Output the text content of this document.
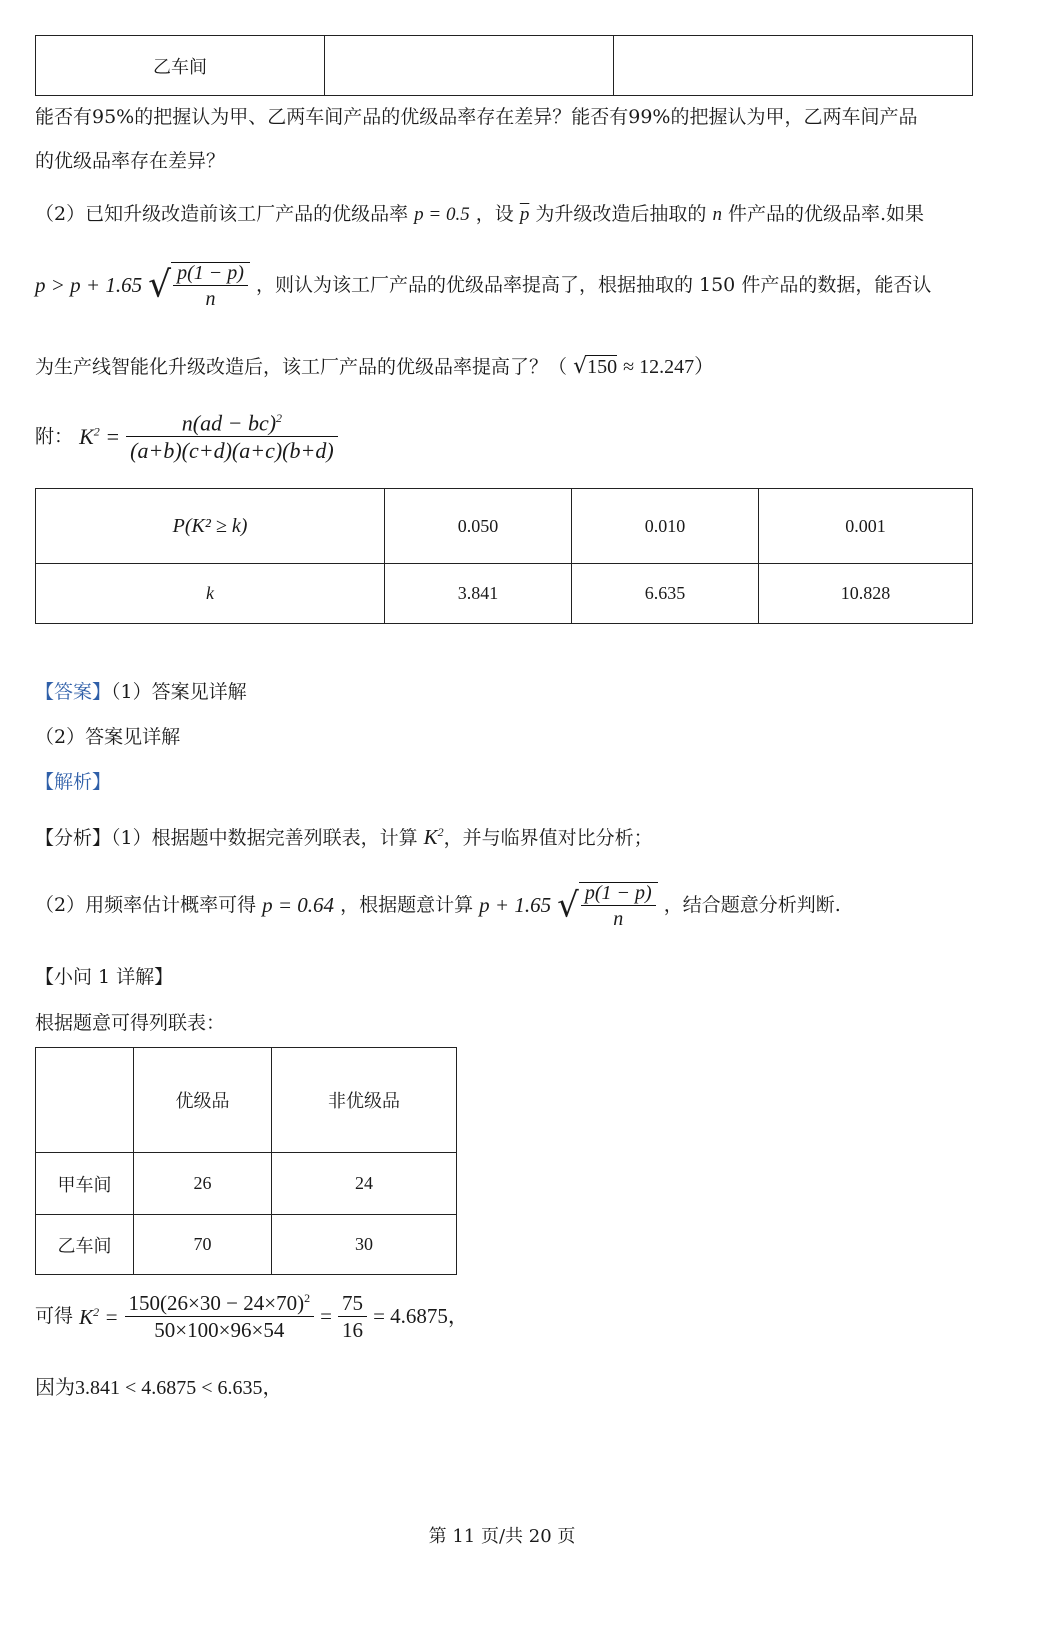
乙车间		
能否有95%的把握认为甲、乙两车间产品的优级品率存在差异？能否有99%的把握认为甲，乙两车间产品
的优级品率存在差异？
（2）已知升级改造前该工厂产品的优级品率 p = 0.5 ，设 $\overline{p}$ 为升级改造后抽取的 n 件产品的优级品率.如果
p > p + 1.65 √ $\frac{p(1 - p)}{n}$ ，则认为该工厂产品的优级品率提高了，根据抽取的 150 件产品的数据，能否认
为生产线智能化升级改造后，该工厂产品的优级品率提高了？（ √150 ≈ 12.247）
附： $K^2 = \frac{n(ad - bc)^2}{(a+b)(c+d)(a+c)(b+d)}$
P(K² ≥ k)	0.050	0.010	0.001
k	3.841	6.635	10.828
【答案】（1）答案见详解
（2）答案见详解
【解析】
【分析】（1）根据题中数据完善列联表，计算 $K^2$，并与临界值对比分析；
（2）用频率估计概率可得 p = 0.64 ，根据题意计算 p + 1.65 √ $\frac{p(1 - p)}{n}$ ，结合题意分析判断.
【小问 1 详解】
根据题意可得列联表：
	优级品	非优级品
甲车间	26	24
乙车间	70	30
可得 $K^2 = \frac{150(26\times 30 - 24\times 70)^2}{50\times 100\times 96\times 54} = \frac{75}{16} = 4.6875$，
因为3.841 < 4.6875 < 6.635，
第 11 页/共 20 页
